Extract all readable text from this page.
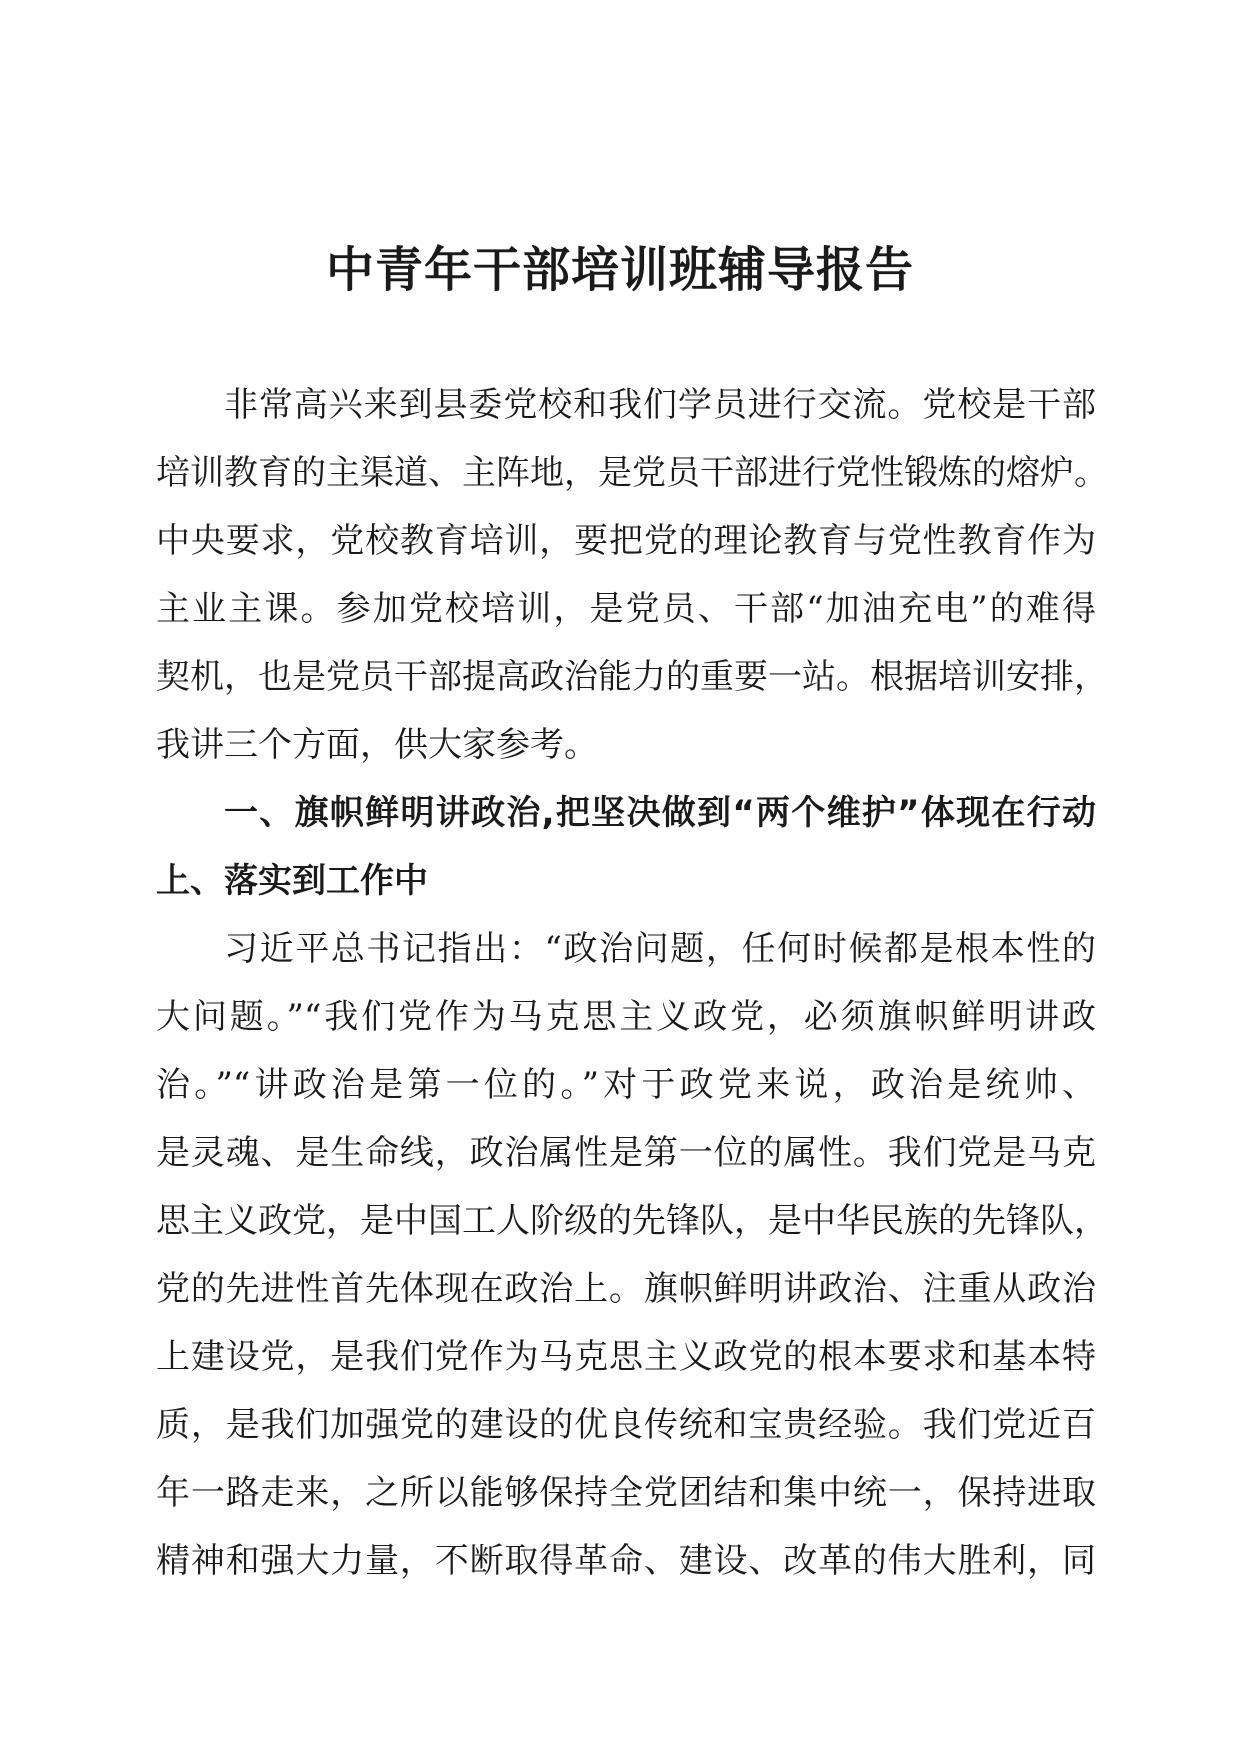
中青年干部培训班辅导报告

非常高兴来到县委党校和我们学员进行交流。党校是干部

培训教育的主渠道、主阵地，是党员干部进行党性锻炼的熔炉。

中央要求，党校教育培训，要把党的理论教育与党性教育作为

主业主课。参加党校培训，是党员、干部“加油充电”的难得

契机，也是党员干部提高政治能力的重要一站。根据培训安排，

我讲三个方面，供大家参考。

一、旗帜鲜明讲政治,把坚决做到“两个维护”体现在行动

上、落实到工作中

习近平总书记指出：“政治问题，任何时候都是根本性的

大问题。”“我们党作为马克思主义政党，必须旗帜鲜明讲政

治。”“讲政治是第一位的。”对于政党来说，政治是统帅、

是灵魂、是生命线，政治属性是第一位的属性。我们党是马克

思主义政党，是中国工人阶级的先锋队，是中华民族的先锋队，

党的先进性首先体现在政治上。旗帜鲜明讲政治、注重从政治

上建设党，是我们党作为马克思主义政党的根本要求和基本特

质，是我们加强党的建设的优良传统和宝贵经验。我们党近百

年一路走来，之所以能够保持全党团结和集中统一，保持进取

精神和强大力量，不断取得革命、建设、改革的伟大胜利，同
